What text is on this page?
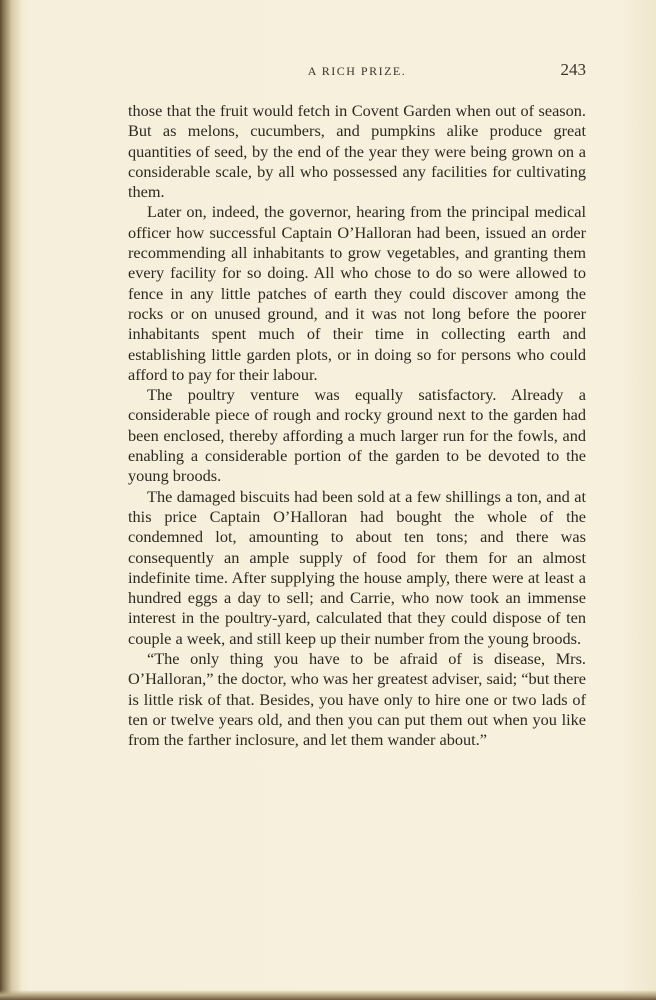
A RICH PRIZE.	243

those that the fruit would fetch in Covent Garden when out of season. But as melons, cucumbers, and pumpkins alike produce great quantities of seed, by the end of the year they were being grown on a considerable scale, by all who possessed any facilities for cultivating them.

Later on, indeed, the governor, hearing from the principal medical officer how successful Captain O’Halloran had been, issued an order recommending all inhabitants to grow vegetables, and granting them every facility for so doing. All who chose to do so were allowed to fence in any little patches of earth they could discover among the rocks or on unused ground, and it was not long before the poorer inhabitants spent much of their time in collecting earth and establishing little garden plots, or in doing so for persons who could afford to pay for their labour.

The poultry venture was equally satisfactory. Already a considerable piece of rough and rocky ground next to the garden had been enclosed, thereby affording a much larger run for the fowls, and enabling a considerable portion of the garden to be devoted to the young broods.

The damaged biscuits had been sold at a few shillings a ton, and at this price Captain O’Halloran had bought the whole of the condemned lot, amounting to about ten tons; and there was consequently an ample supply of food for them for an almost indefinite time. After supplying the house amply, there were at least a hundred eggs a day to sell; and Carrie, who now took an immense interest in the poultry-yard, calculated that they could dispose of ten couple a week, and still keep up their number from the young broods.

“The only thing you have to be afraid of is disease, Mrs. O’Halloran,” the doctor, who was her greatest adviser, said; “but there is little risk of that. Besides, you have only to hire one or two lads of ten or twelve years old, and then you can put them out when you like from the farther inclosure, and let them wander about.”
